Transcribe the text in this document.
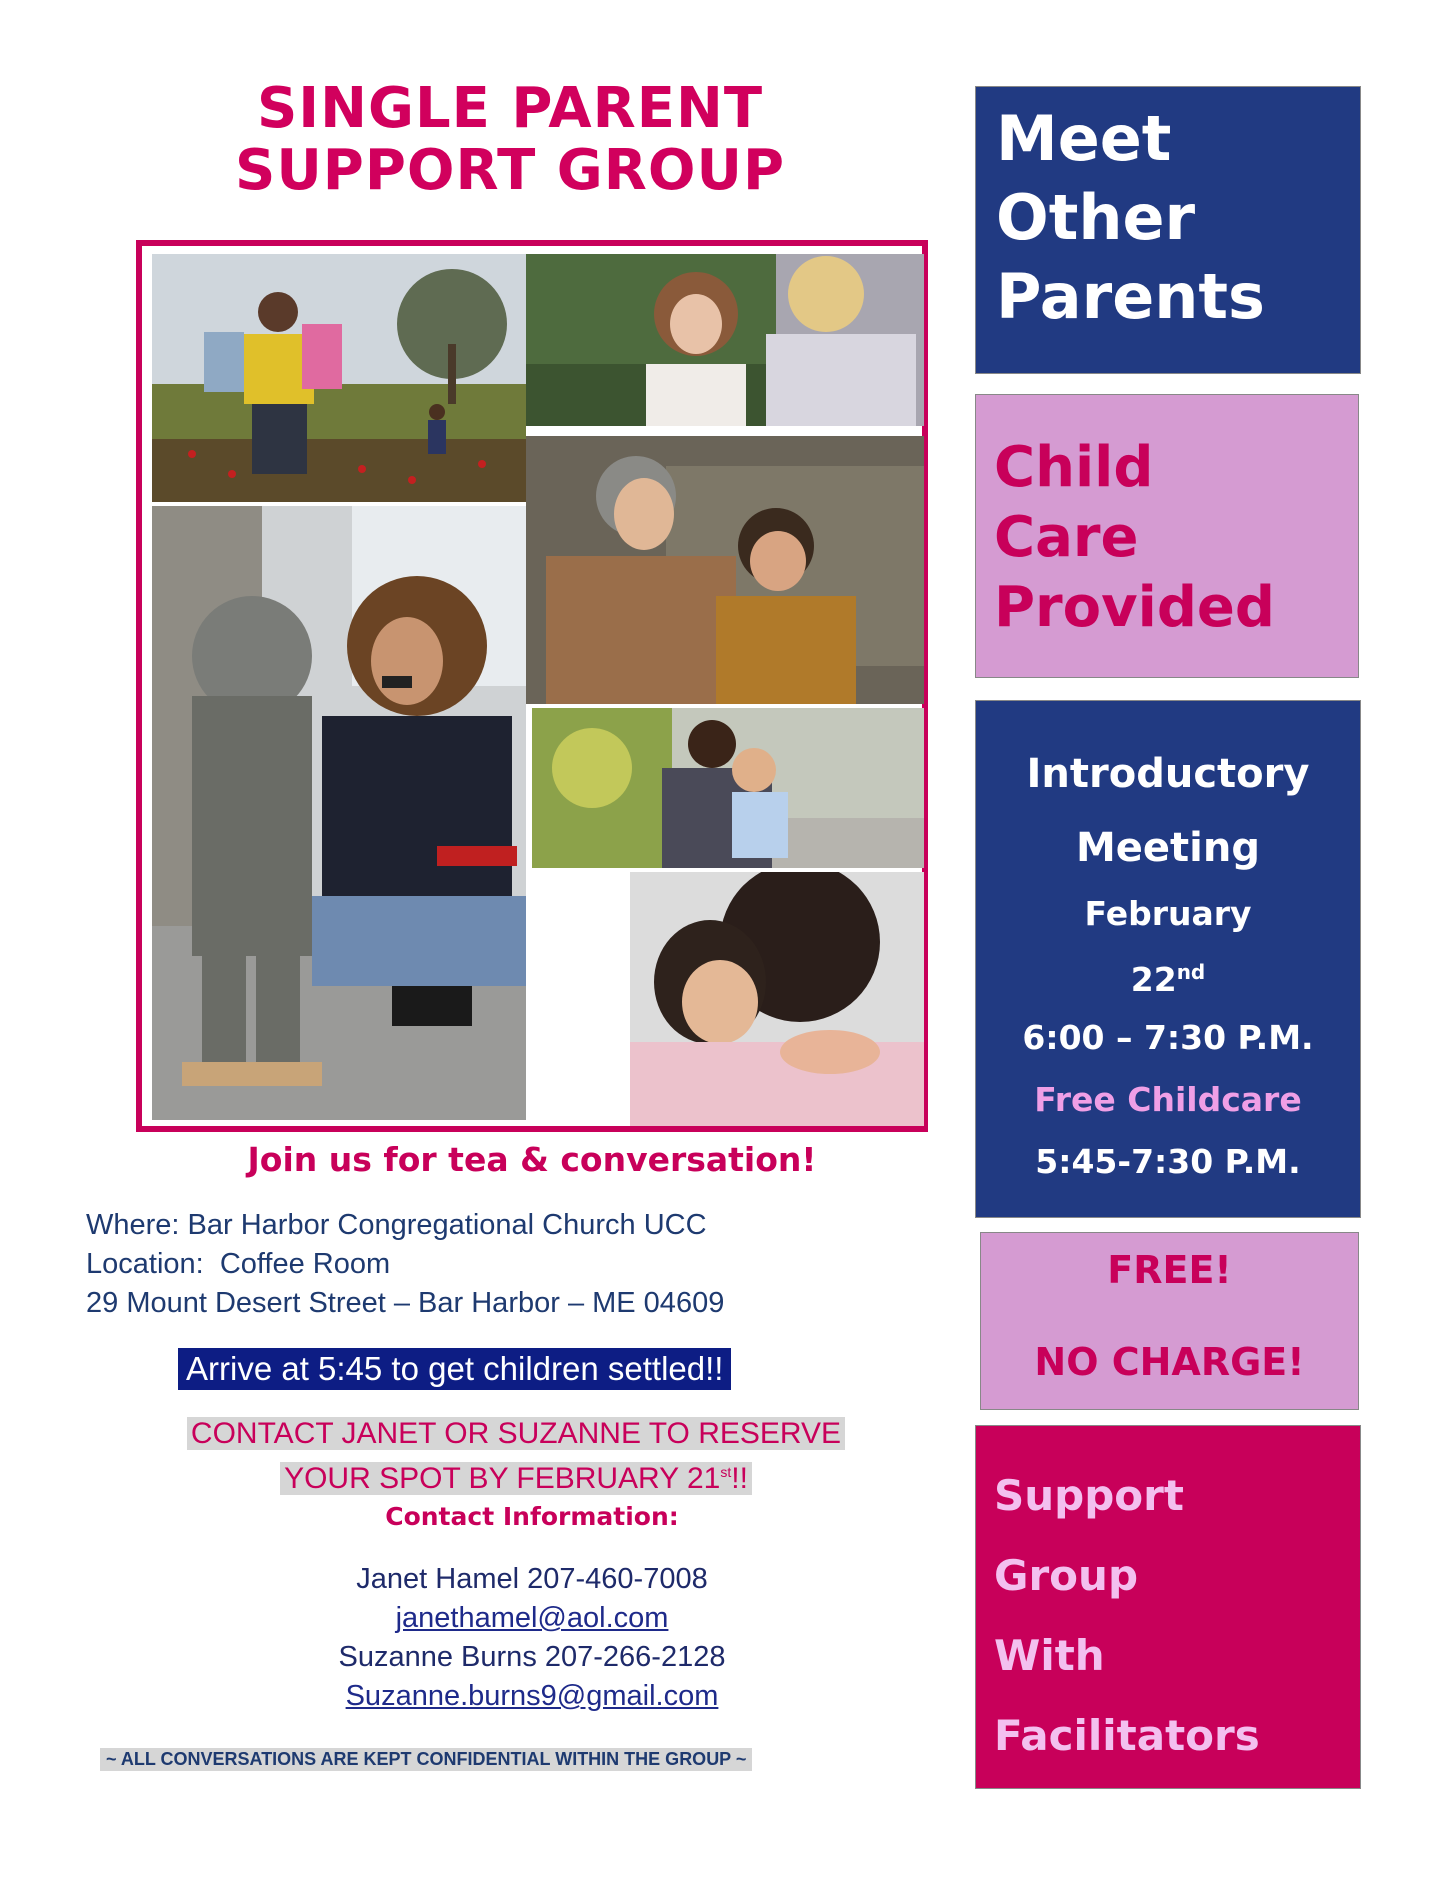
SINGLE PARENT
SUPPORT GROUP
Join us for tea & conversation!
Where: Bar Harbor Congregational Church UCC
Location:  Coffee Room
29 Mount Desert Street – Bar Harbor – ME 04609
Arrive at 5:45 to get children settled!!
CONTACT JANET OR SUZANNE TO RESERVE
YOUR SPOT BY FEBRUARY 21st!!
Contact Information:
Janet Hamel 207-460-7008
janethamel@aol.com
Suzanne Burns 207-266-2128
Suzanne.burns9@gmail.com
~ ALL CONVERSATIONS ARE KEPT CONFIDENTIAL WITHIN THE GROUP ~
Meet
Other
Parents
Child
Care
Provided
Introductory
Meeting
February
22nd
6:00 – 7:30 P.M.
Free Childcare
5:45-7:30 P.M.
FREE!
NO CHARGE!
Support
Group
With
Facilitators
